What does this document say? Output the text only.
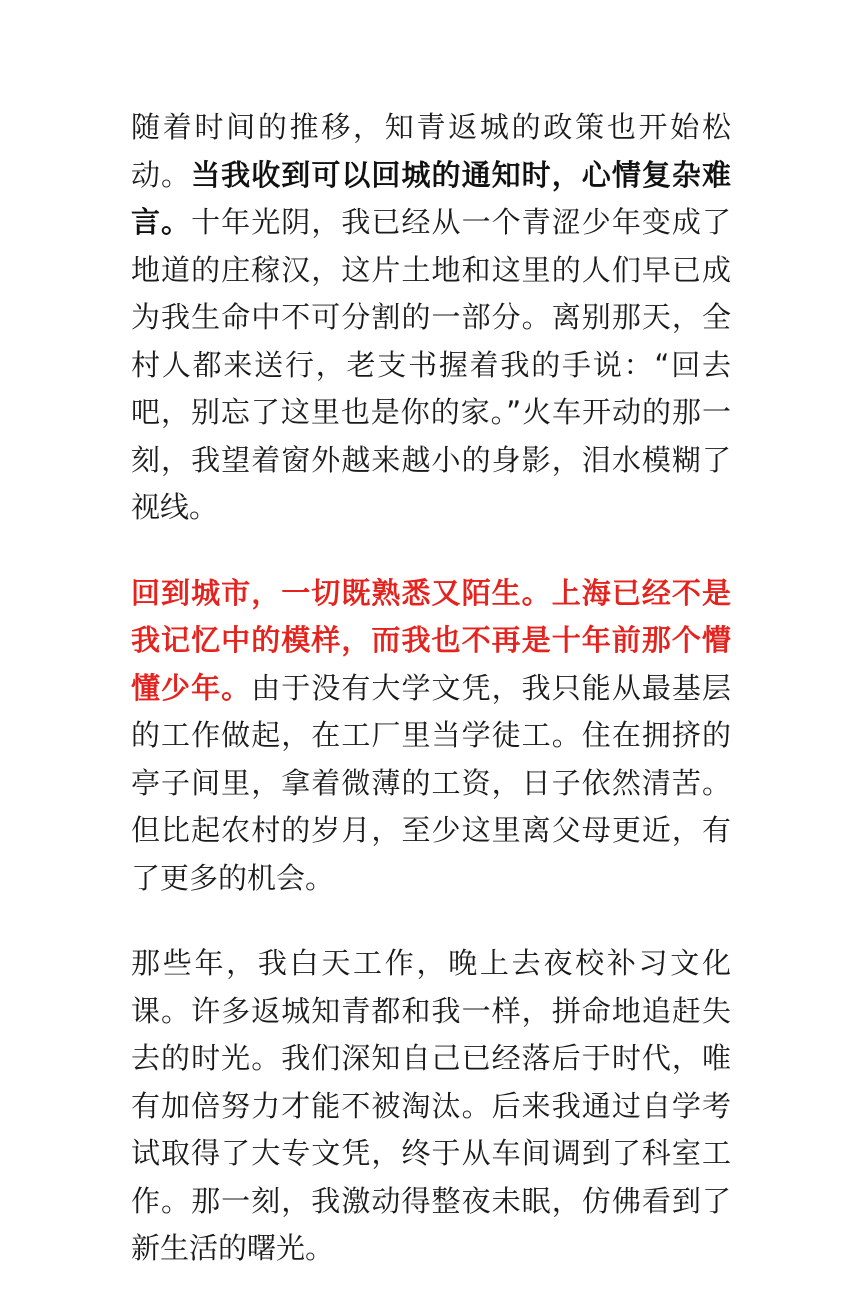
随着时间的推移，知青返城的政策也开始松动。当我收到可以回城的通知时，心情复杂难言。十年光阴，我已经从一个青涩少年变成了地道的庄稼汉，这片土地和这里的人们早已成为我生命中不可分割的一部分。离别那天，全村人都来送行，老支书握着我的手说：“回去吧，别忘了这里也是你的家。”火车开动的那一刻，我望着窗外越来越小的身影，泪水模糊了视线。

回到城市，一切既熟悉又陌生。上海已经不是我记忆中的模样，而我也不再是十年前那个懵懂少年。由于没有大学文凭，我只能从最基层的工作做起，在工厂里当学徒工。住在拥挤的亭子间里，拿着微薄的工资，日子依然清苦。但比起农村的岁月，至少这里离父母更近，有了更多的机会。

那些年，我白天工作，晚上去夜校补习文化课。许多返城知青都和我一样，拼命地追赶失去的时光。我们深知自己已经落后于时代，唯有加倍努力才能不被淘汰。后来我通过自学考试取得了大专文凭，终于从车间调到了科室工作。那一刻，我激动得整夜未眠，仿佛看到了新生活的曙光。
